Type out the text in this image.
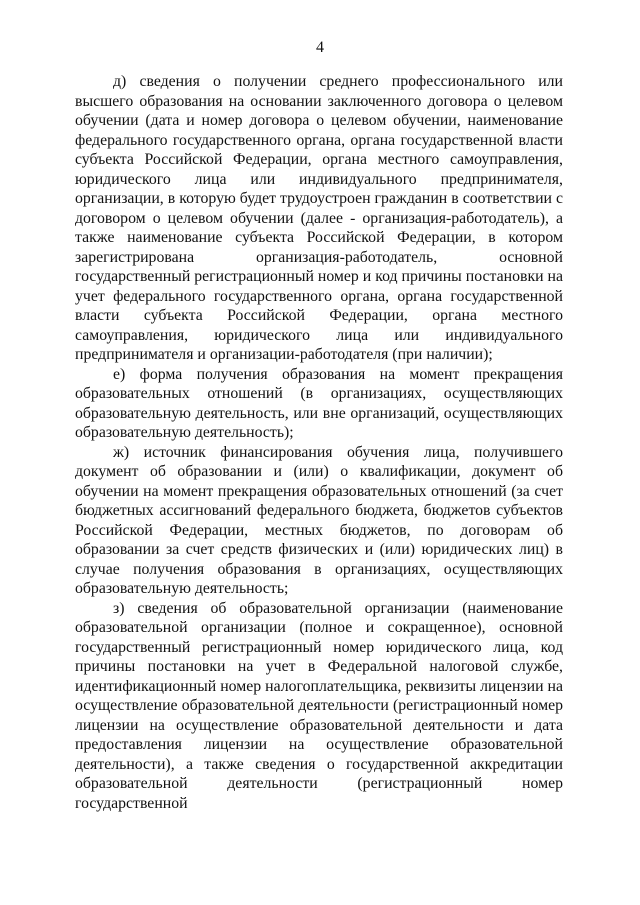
4

д) сведения о получении среднего профессионального или высшего образования на основании заключенного договора о целевом обучении (дата и номер договора о целевом обучении, наименование федерального государственного органа, органа государственной власти субъекта Российской Федерации, органа местного самоуправления, юридического лица или индивидуального предпринимателя, организации, в которую будет трудоустроен гражданин в соответствии с договором о целевом обучении (далее - организация-работодатель), а также наименование субъекта Российской Федерации, в котором зарегистрирована организация-работодатель, основной государственный регистрационный номер и код причины постановки на учет федерального государственного органа, органа государственной власти субъекта Российской Федерации, органа местного самоуправления, юридического лица или индивидуального предпринимателя и организации-работодателя (при наличии);

е) форма получения образования на момент прекращения образовательных отношений (в организациях, осуществляющих образовательную деятельность, или вне организаций, осуществляющих образовательную деятельность);

ж) источник финансирования обучения лица, получившего документ об образовании и (или) о квалификации, документ об обучении на момент прекращения образовательных отношений (за счет бюджетных ассигнований федерального бюджета, бюджетов субъектов Российской Федерации, местных бюджетов, по договорам об образовании за счет средств физических и (или) юридических лиц) в случае получения образования в организациях, осуществляющих образовательную деятельность;

з) сведения об образовательной организации (наименование образовательной организации (полное и сокращенное), основной государственный регистрационный номер юридического лица, код причины постановки на учет в Федеральной налоговой службе, идентификационный номер налогоплательщика, реквизиты лицензии на осуществление образовательной деятельности (регистрационный номер лицензии на осуществление образовательной деятельности и дата предоставления лицензии на осуществление образовательной деятельности), а также сведения о государственной аккредитации образовательной деятельности (регистрационный номер государственной
